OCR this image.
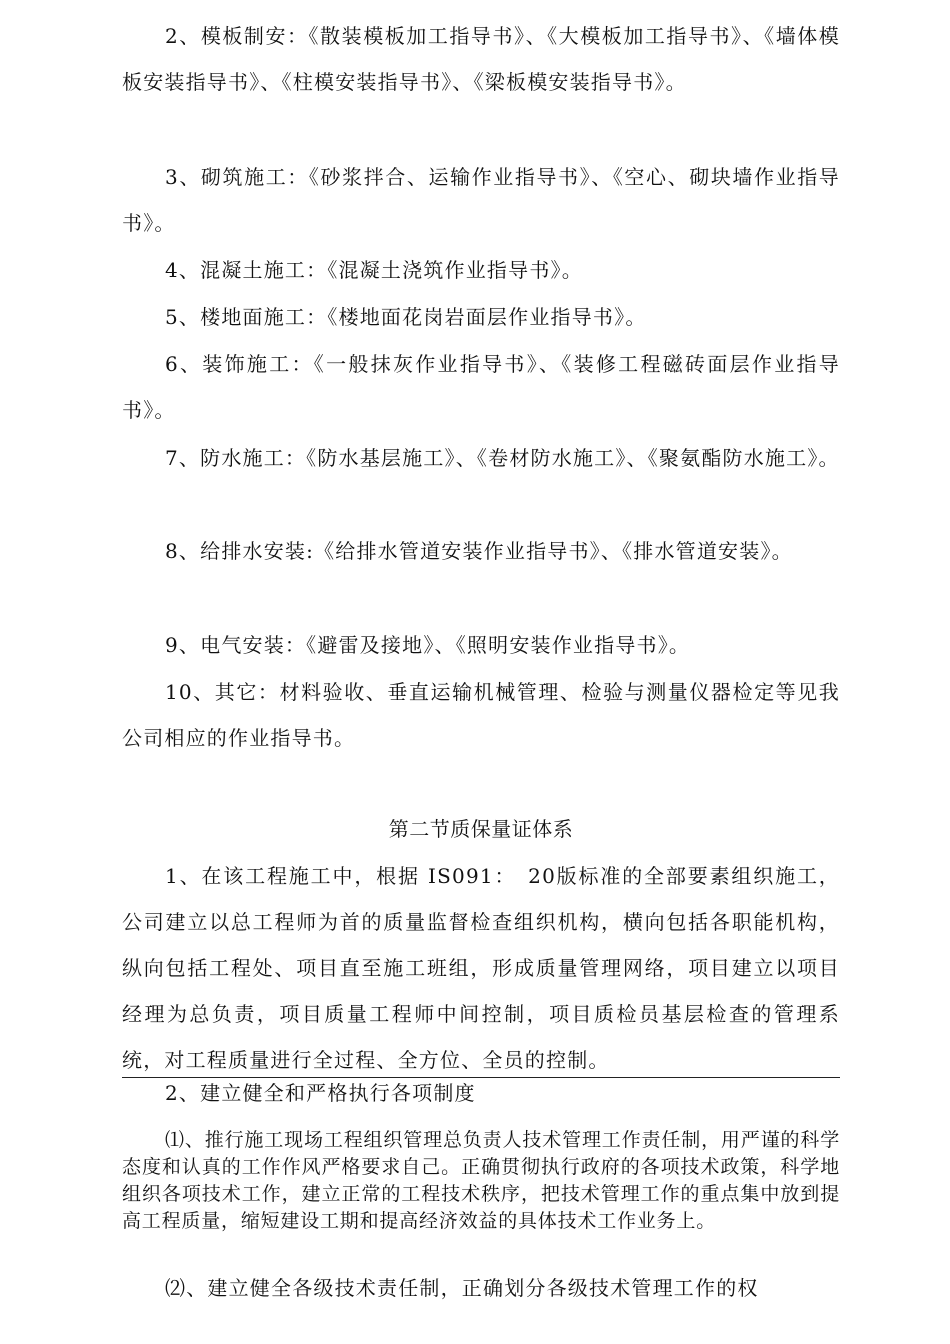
2、模板制安：《散装模板加工指导书》、《大模板加工指导书》、《墙体模板安装指导书》、《柱模安装指导书》、《梁板模安装指导书》。

3、砌筑施工：《砂浆拌合、运输作业指导书》、《空心、砌块墙作业指导书》。

4、混凝土施工：《混凝土浇筑作业指导书》。

5、楼地面施工：《楼地面花岗岩面层作业指导书》。

6、装饰施工：《一般抹灰作业指导书》、《装修工程磁砖面层作业指导书》。

7、防水施工：《防水基层施工》、《卷材防水施工》、《聚氨酯防水施工》。

8、给排水安装:《给排水管道安装作业指导书》、《排水管道安装》。

9、电气安装：《避雷及接地》、《照明安装作业指导书》。

10、其它：材料验收、垂直运输机械管理、检验与测量仪器检定等见我公司相应的作业指导书。

第二节质保量证体系

1、在该工程施工中，根据 IS091：　20版标准的全部要素组织施工，公司建立以总工程师为首的质量监督检查组织机构，横向包括各职能机构，纵向包括工程处、项目直至施工班组，形成质量管理网络，项目建立以项目经理为总负责，项目质量工程师中间控制，项目质检员基层检查的管理系统，对工程质量进行全过程、全方位、全员的控制。

2、建立健全和严格执行各项制度

⑴、推行施工现场工程组织管理总负责人技术管理工作责任制，用严谨的科学态度和认真的工作作风严格要求自己。正确贯彻执行政府的各项技术政策，科学地组织各项技术工作，建立正常的工程技术秩序，把技术管理工作的重点集中放到提高工程质量，缩短建设工期和提高经济效益的具体技术工作业务上。

⑵、建立健全各级技术责任制，正确划分各级技术管理工作的权
